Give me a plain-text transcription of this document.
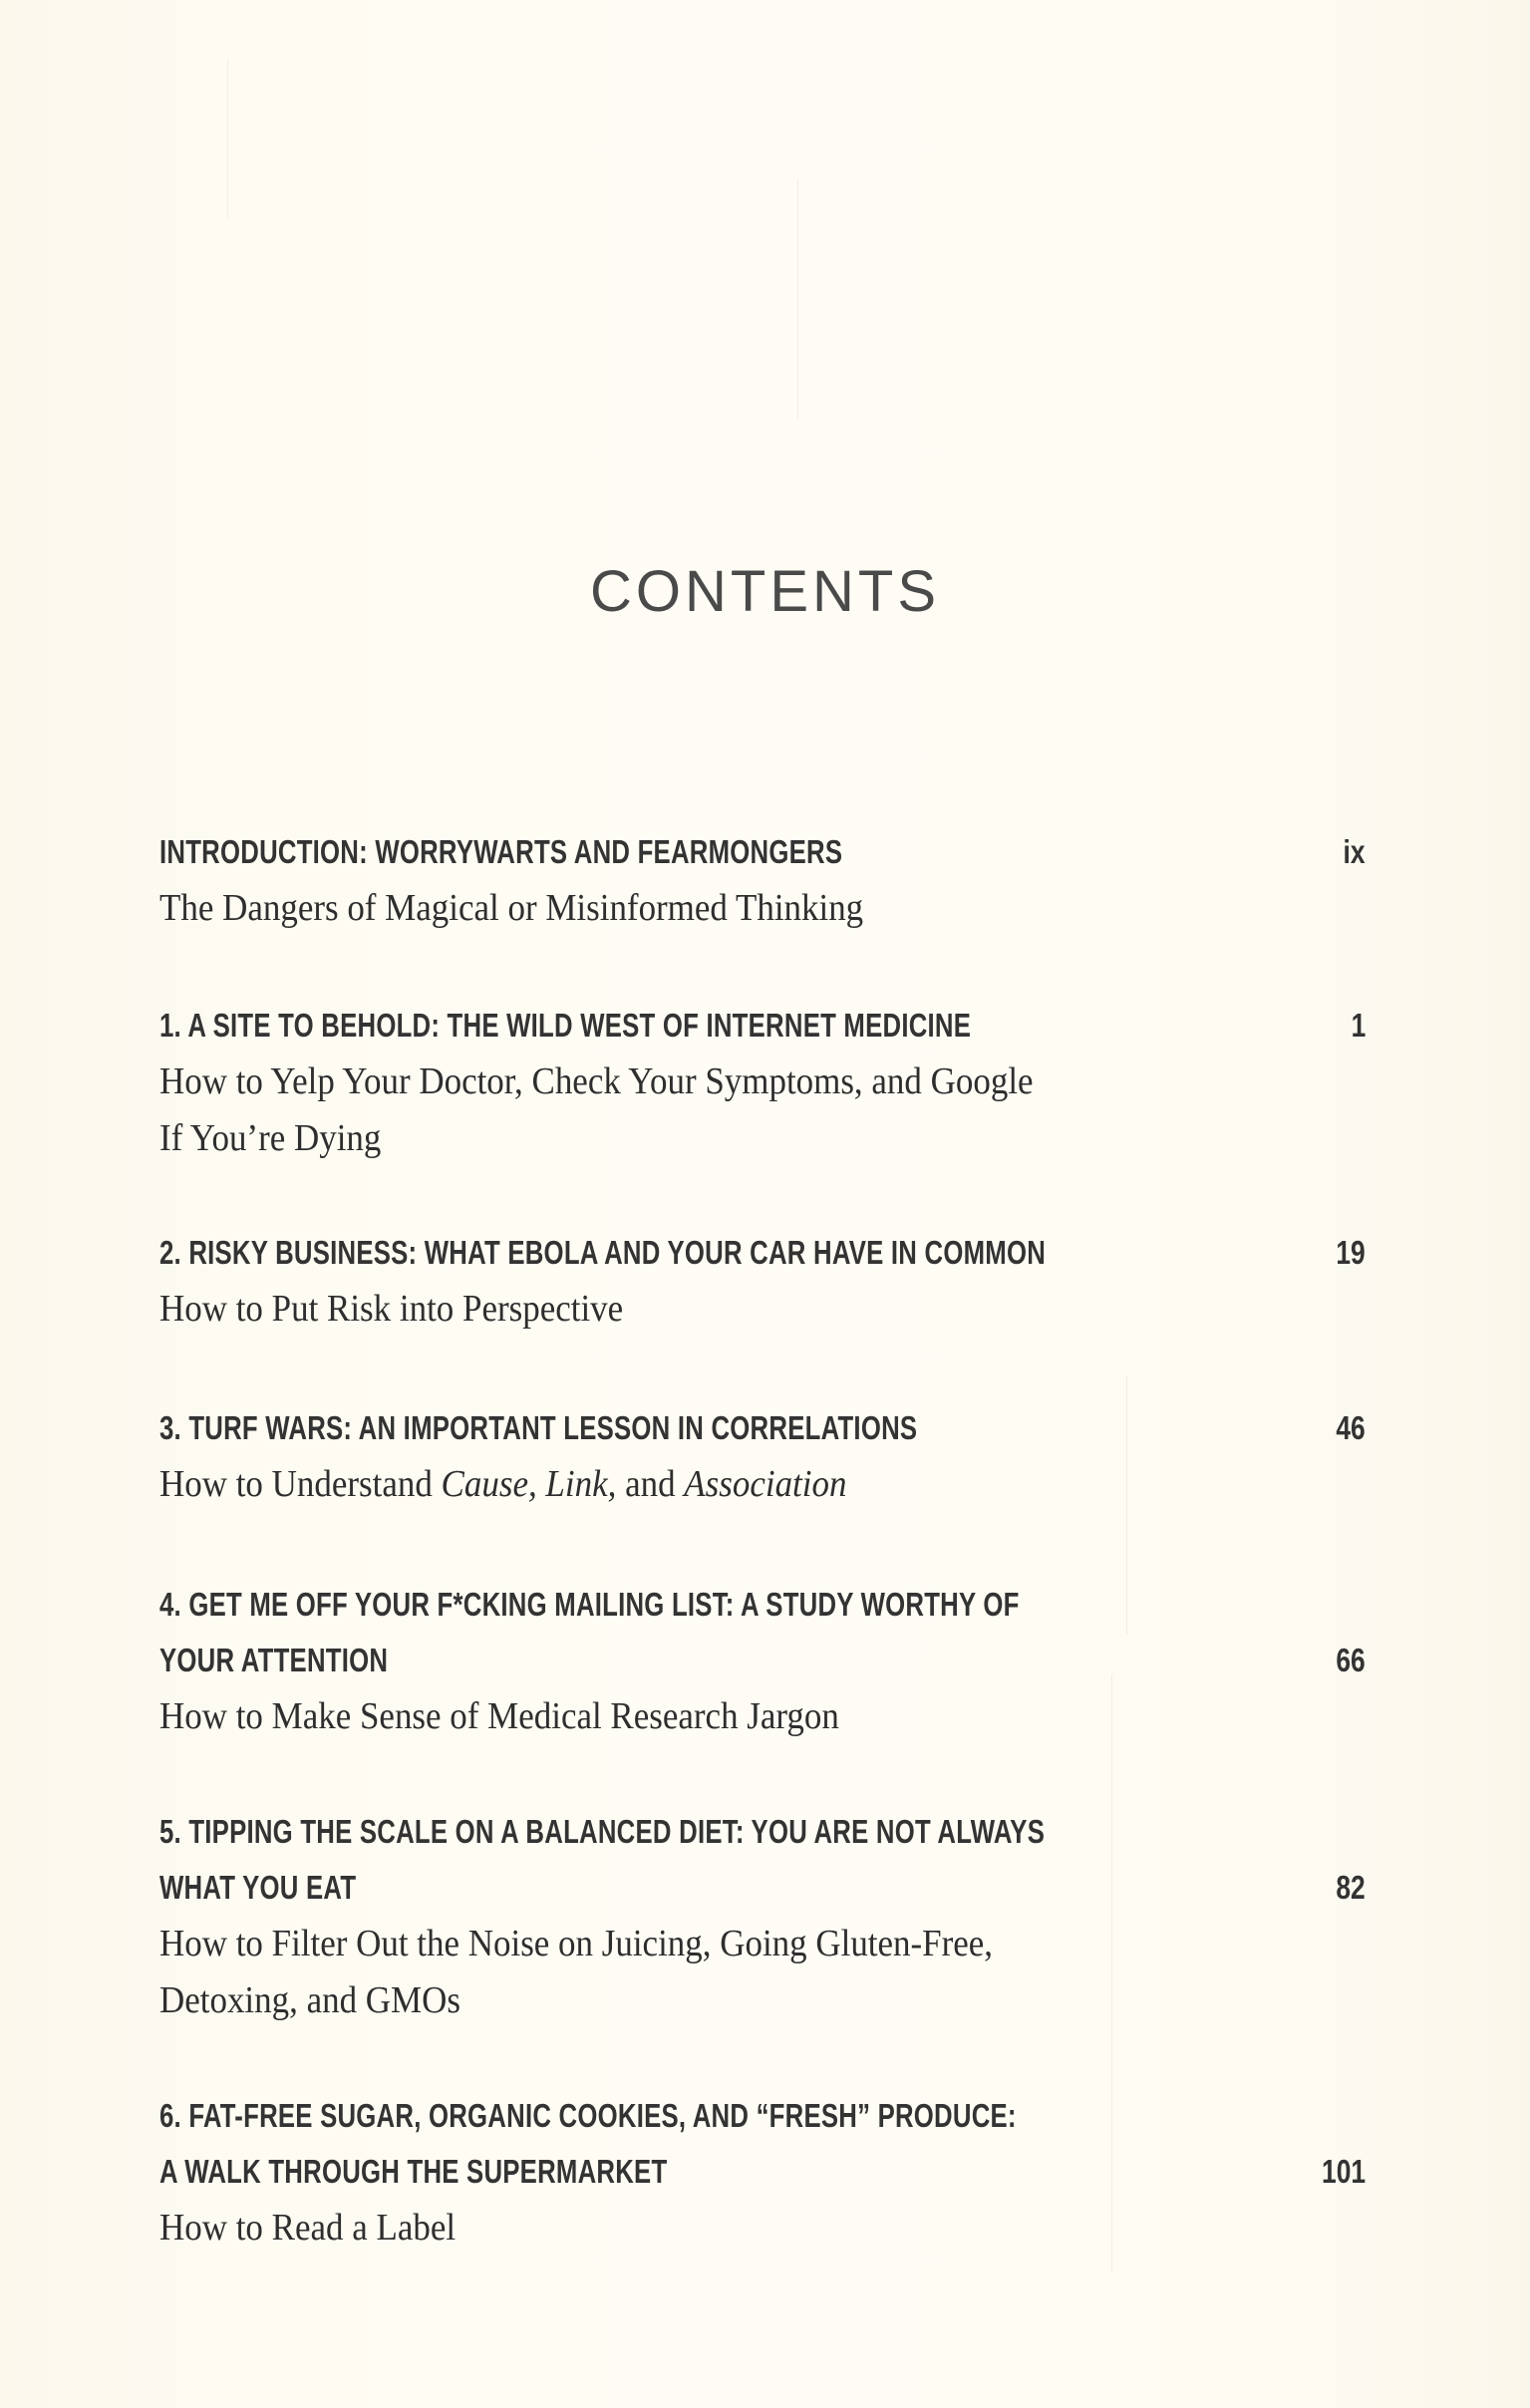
CONTENTS
INTRODUCTION: WORRYWARTS AND FEARMONGERS	ix
The Dangers of Magical or Misinformed Thinking
1. A SITE TO BEHOLD: THE WILD WEST OF INTERNET MEDICINE	1
How to Yelp Your Doctor, Check Your Symptoms, and Google
If You’re Dying
2. RISKY BUSINESS: WHAT EBOLA AND YOUR CAR HAVE IN COMMON	19
How to Put Risk into Perspective
3. TURF WARS: AN IMPORTANT LESSON IN CORRELATIONS	46
How to Understand Cause, Link, and Association
4. GET ME OFF YOUR F*CKING MAILING LIST: A STUDY WORTHY OF
YOUR ATTENTION	66
How to Make Sense of Medical Research Jargon
5. TIPPING THE SCALE ON A BALANCED DIET: YOU ARE NOT ALWAYS
WHAT YOU EAT	82
How to Filter Out the Noise on Juicing, Going Gluten-Free,
Detoxing, and GMOs
6. FAT-FREE SUGAR, ORGANIC COOKIES, AND “FRESH” PRODUCE:
A WALK THROUGH THE SUPERMARKET	101
How to Read a Label
